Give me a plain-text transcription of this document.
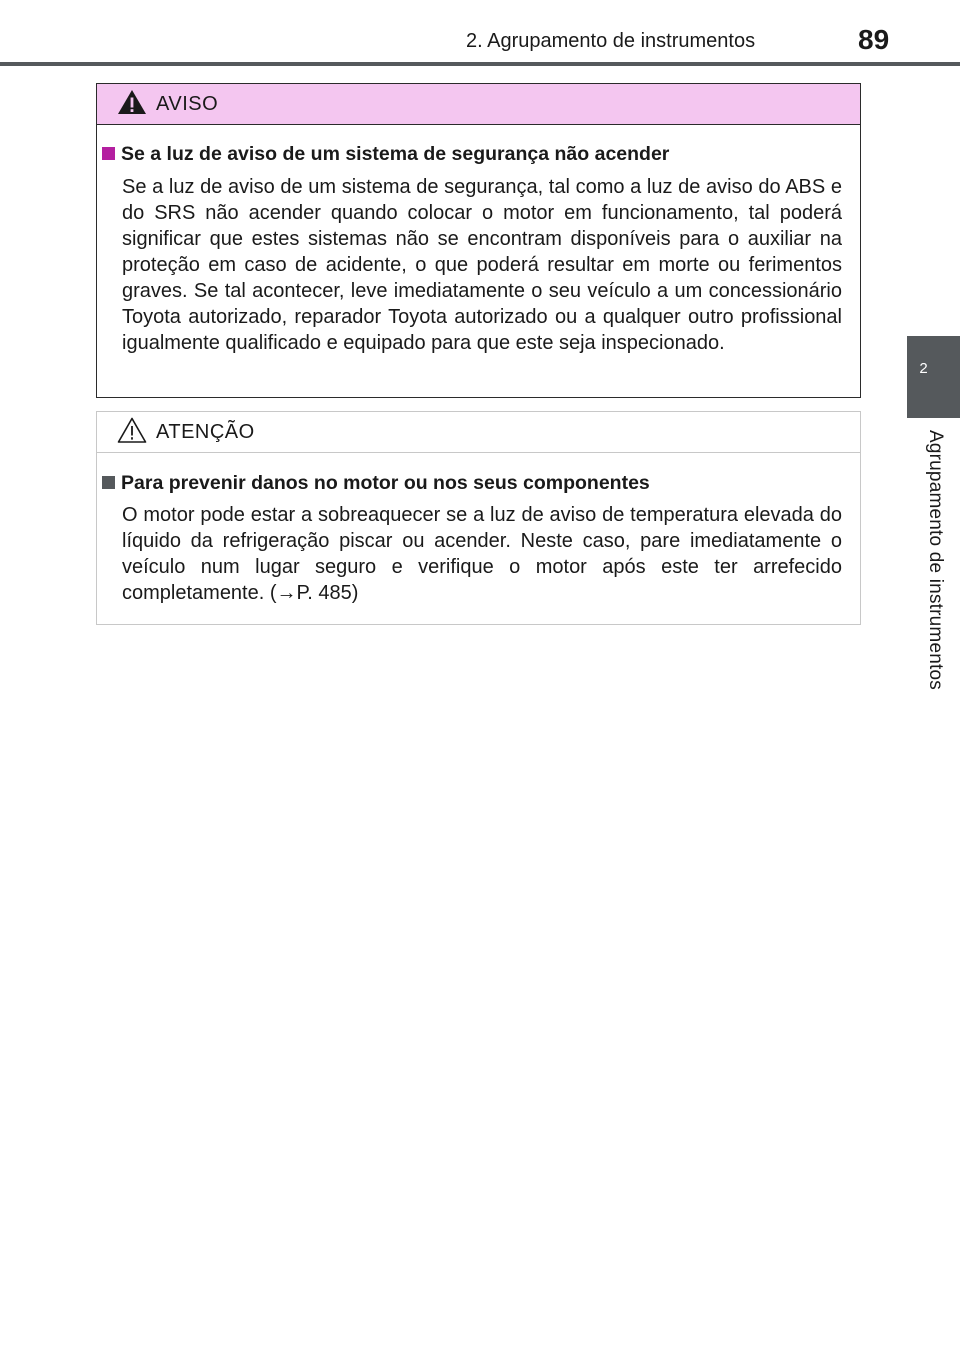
2. Agrupamento de instrumentos	89
2
Agrupamento de instrumentos
AVISO
Se a luz de aviso de um sistema de segurança não acender

Se a luz de aviso de um sistema de segurança, tal como a luz de aviso do ABS e do SRS não acender quando colocar o motor em funcionamento, tal poderá significar que estes sistemas não se encontram disponíveis para o auxiliar na proteção em caso de acidente, o que poderá resultar em morte ou ferimentos graves. Se tal acontecer, leve imediatamente o seu veículo a um concessionário Toyota autorizado, reparador Toyota autorizado ou a qualquer outro profissional igualmente qualificado e equipado para que este seja inspecionado.

ATENÇÃO
Para prevenir danos no motor ou nos seus componentes

O motor pode estar a sobreaquecer se a luz de aviso de temperatura elevada do líquido da refrigeração piscar ou acender. Neste caso, pare imediatamente o veículo num lugar seguro e verifique o motor após este ter arrefecido completamente. (→P. 485)
